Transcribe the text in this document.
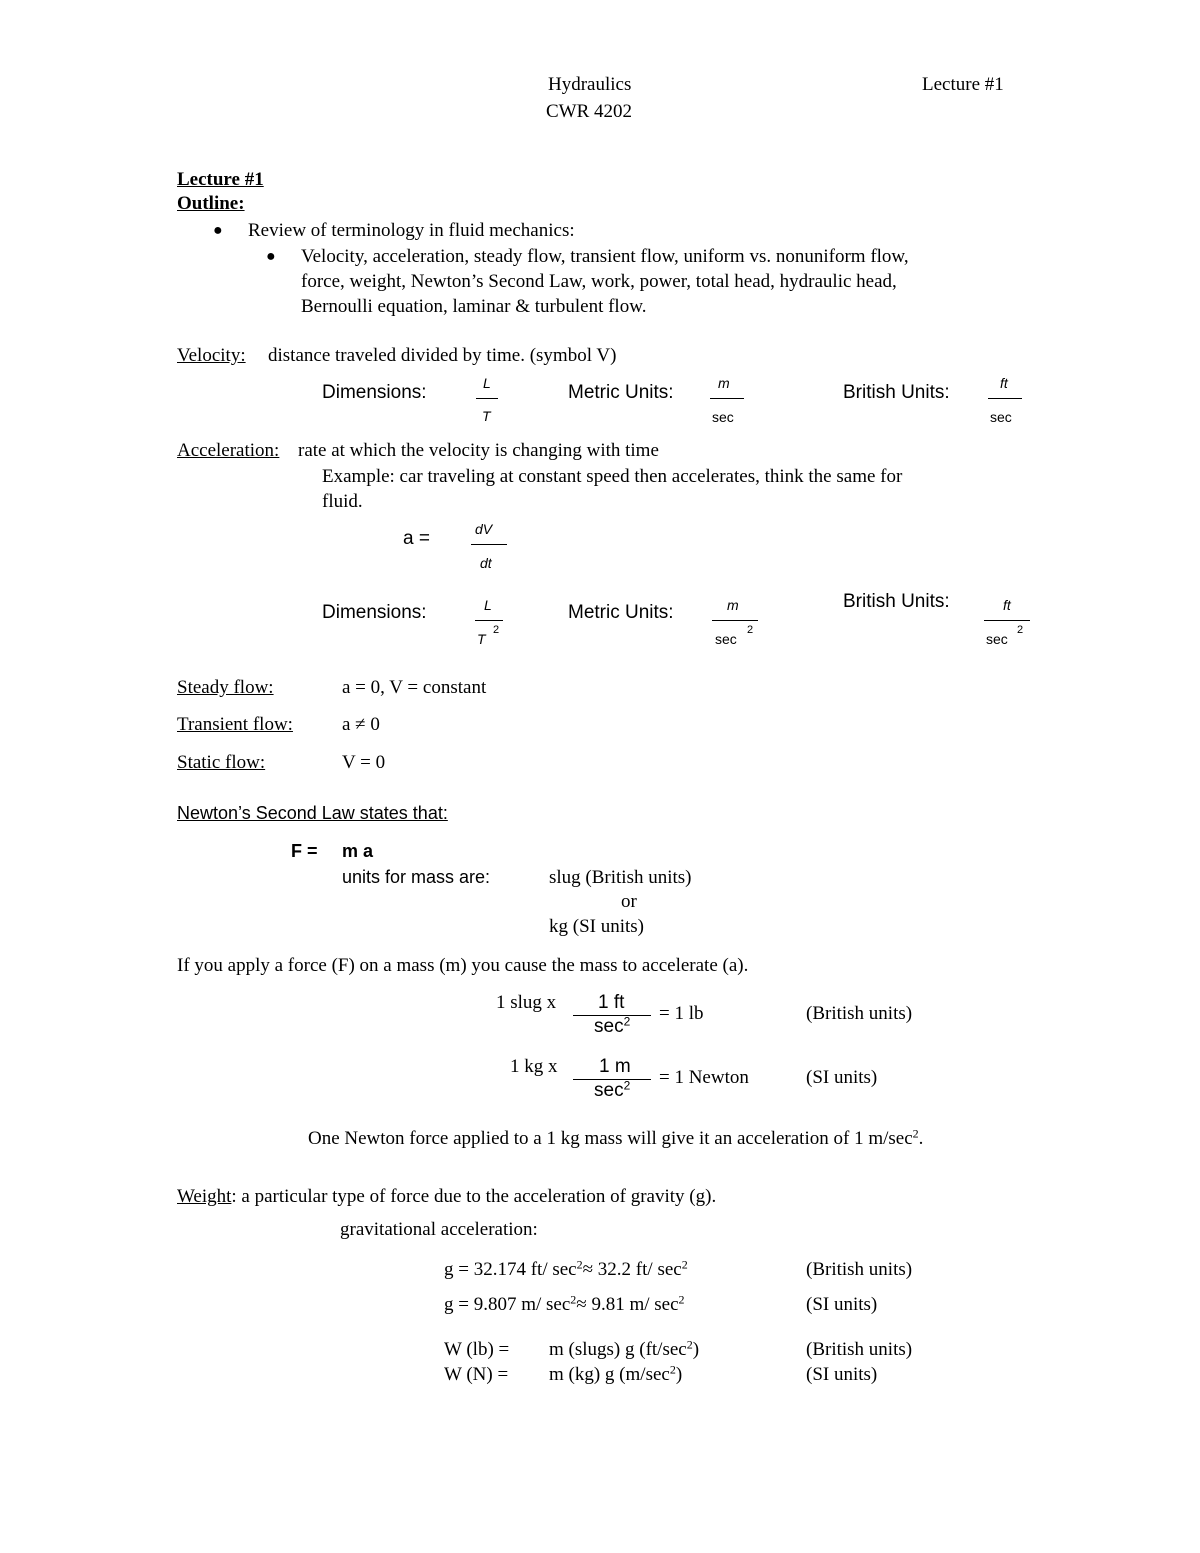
Hydraulics	Lecture #1
CWR 4202
Lecture #1
Outline:
● Review of terminology in fluid mechanics:
● Velocity, acceleration, steady flow, transient flow, uniform vs. nonuniform flow,
force, weight, Newton’s Second Law, work, power, total head, hydraulic head,
Bernoulli equation, laminar & turbulent flow.
Velocity: distance traveled divided by time. (symbol V)
Dimensions:	L
T
Metric Units:	m
sec
British Units:	ft
sec
Acceleration: rate at which the velocity is changing with time
Example: car traveling at constant speed then accelerates, think the same for
fluid.
a =	dV
dt
Dimensions:	L
T
2
Metric Units:	m
sec
2
British Units:	ft
sec
2
Steady flow:	a = 0, V = constant
Transient flow:	a ≠ 0
Static flow:	V = 0
Newton’s Second Law states that:
F = m a
units for mass are:	slug (British units)
or
kg (SI units)
If you apply a force (F) on a mass (m) you cause the mass to accelerate (a).
1 slug x 1 ft
$\sec^2 = 1$ lb	(British units)
1 kg x 1 m
$\sec^2 = 1$ Newton	(SI units)
One Newton force applied to a 1 kg mass will give it an acceleration of 1 $m/\sec^2$.
Weight: a particular type of force due to the acceleration of gravity (g).
gravitational acceleration:
g = 32.174 ft/ $\sec^2\approx 32.2$ ft/ $\sec^2$	(British units)
g = 9.807 m/ $\sec^2\approx 9.81$ m/ $\sec^2$	(SI units)
W (lb) = m (slugs) g $(ft/\sec^2)$	(British units)
W (N) = m (kg) g $(m/\sec^2)$	(SI units)
